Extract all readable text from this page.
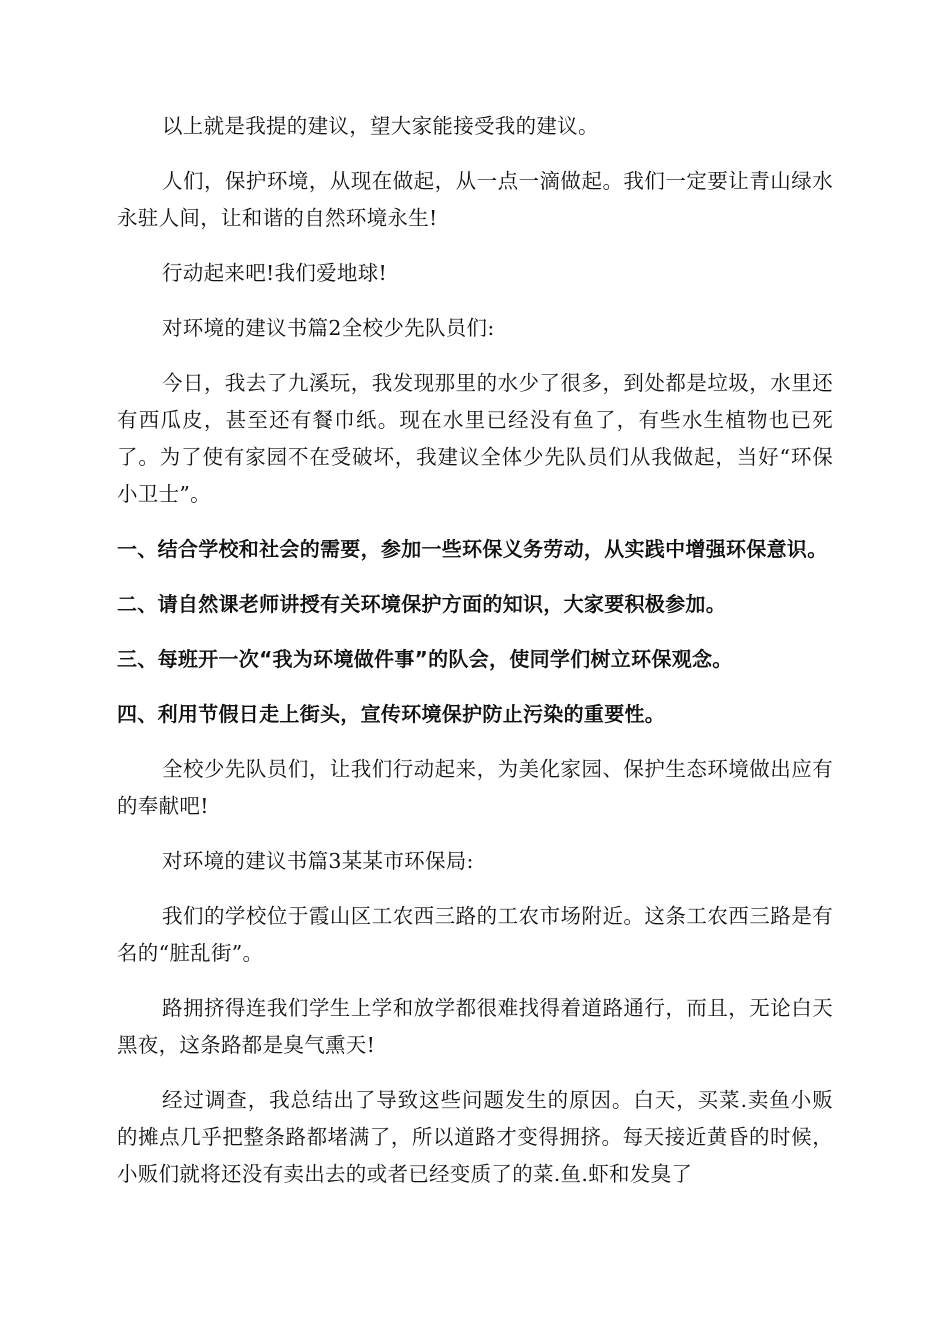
以上就是我提的建议，望大家能接受我的建议。

人们，保护环境，从现在做起，从一点一滴做起。我们一定要让青山绿水永驻人间，让和谐的自然环境永生!

行动起来吧!我们爱地球!

对环境的建议书篇2全校少先队员们:

今日，我去了九溪玩，我发现那里的水少了很多，到处都是垃圾，水里还有西瓜皮，甚至还有餐巾纸。现在水里已经没有鱼了，有些水生植物也已死了。为了使有家园不在受破坏，我建议全体少先队员们从我做起，当好“环保小卫士”。

一、结合学校和社会的需要，参加一些环保义务劳动，从实践中增强环保意识。

二、请自然课老师讲授有关环境保护方面的知识，大家要积极参加。

三、每班开一次“我为环境做件事”的队会，使同学们树立环保观念。

四、利用节假日走上街头，宣传环境保护防止污染的重要性。

全校少先队员们，让我们行动起来，为美化家园、保护生态环境做出应有的奉献吧!

对环境的建议书篇3某某市环保局:

我们的学校位于霞山区工农西三路的工农市场附近。这条工农西三路是有名的“脏乱街”。

路拥挤得连我们学生上学和放学都很难找得着道路通行，而且，无论白天黑夜，这条路都是臭气熏天!

经过调查，我总结出了导致这些问题发生的原因。白天，买菜.卖鱼小贩的摊点几乎把整条路都堵满了，所以道路才变得拥挤。每天接近黄昏的时候，小贩们就将还没有卖出去的或者已经变质了的菜.鱼.虾和发臭了
